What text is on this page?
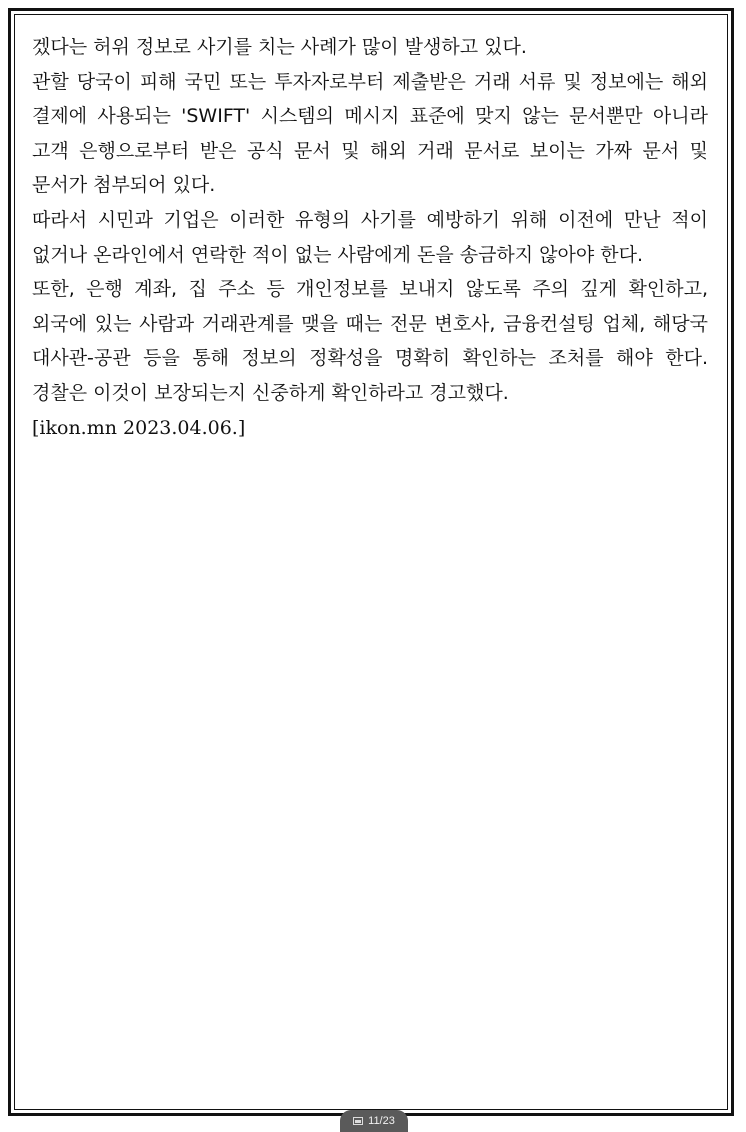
겠다는 허위 정보로 사기를 치는 사례가 많이 발생하고 있다.

관할 당국이 피해 국민 또는 투자자로부터 제출받은 거래 서류 및 정보에는 해외 결제에 사용되는 'SWIFT' 시스템의 메시지 표준에 맞지 않는 문서뿐만 아니라 고객 은행으로부터 받은 공식 문서 및 해외 거래 문서로 보이는 가짜 문서 및 문서가 첨부되어 있다.

따라서 시민과 기업은 이러한 유형의 사기를 예방하기 위해 이전에 만난 적이 없거나 온라인에서 연락한 적이 없는 사람에게 돈을 송금하지 않아야 한다.

또한, 은행 계좌, 집 주소 등 개인정보를 보내지 않도록 주의 깊게 확인하고, 외국에 있는 사람과 거래관계를 맺을 때는 전문 변호사, 금융컨설팅 업체, 해당국 대사관-공관 등을 통해 정보의 정확성을 명확히 확인하는 조처를 해야 한다. 경찰은 이것이 보장되는지 신중하게 확인하라고 경고했다.

[ikon.mn 2023.04.06.]

11/23
